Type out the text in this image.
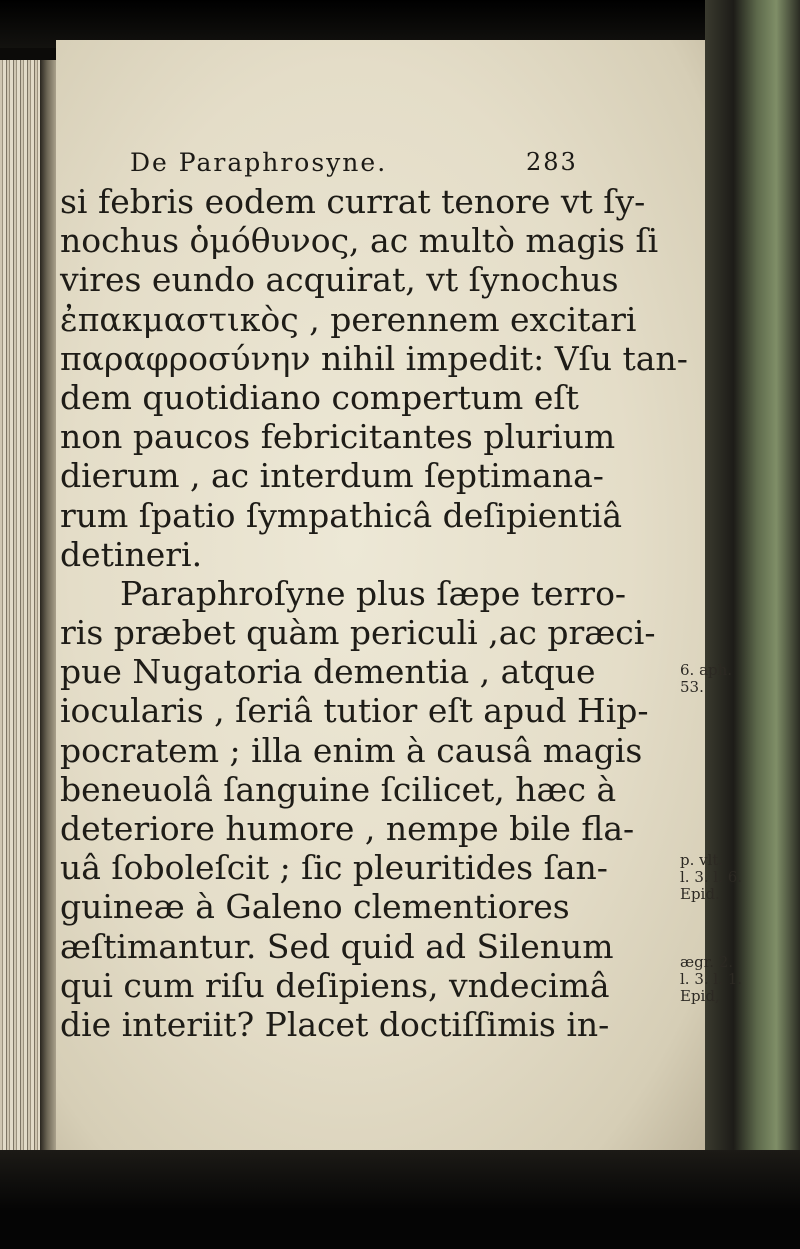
De Paraphrosyne.	283
si febris eodem currat tenore vt ſy-
nochus ὁμόθυνος, ac multò magis ſi
vires eundo acquirat, vt ſynochus
ἐπακμαστικὸς , perennem excitari
παραφρoσύνην nihil impedit: Vſu tan-
dem quotidiano compertum eſt
non paucos febricitantes plurium
dierum , ac interdum ſeptimana-
rum ſpatio ſympathicâ deſipientiâ
detineri.
Paraphroſyne plus ſæpe terro-
ris præbet quàm periculi ,ac præci-
pue Nugatoria dementia , atque
iocularis , ſeriâ tutior eſt apud Hip-
pocratem ; illa enim à causâ magis
beneuolâ ſanguine ſcilicet, hæc à
deteriore humore , nempe bile fla-
uâ ſoboleſcit ; ſic pleuritides ſan-
guineæ à Galeno clementiores
æſtimantur. Sed quid ad Silenum
qui cum riſu deſipiens, vndecimâ
die interiit? Placet doctiſſimis in-
6. aph.
53.
p. vlt.
l. 3. l. 6.
Epid.
ægr. 2.
l. 3. l. 1.
Epid,
